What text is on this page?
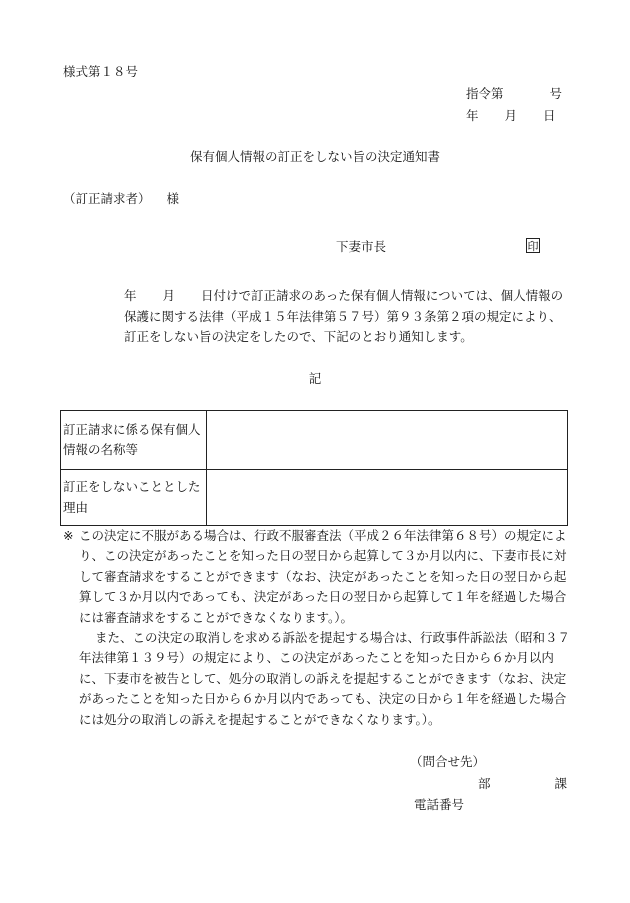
様式第１８号
指令第	号
年 月 日
保有個人情報の訂正をしない旨の決定通知書
（訂正請求者） 様
下妻市長	印

年 月 日付けで訂正請求のあった保有個人情報については、個人情報の保護に関する法律（平成１５年法律第５７号）第９３条第２項の規定により、訂正をしない旨の決定をしたので、下記のとおり通知します。

記
訂正請求に係る保有個人情報の名称等	
訂正をしないこととした理由	

※ この決定に不服がある場合は、行政不服審査法（平成２６年法律第６８号）の規定により、この決定があったことを知った日の翌日から起算して３か月以内に、下妻市長に対して審査請求をすることができます（なお、決定があったことを知った日の翌日から起算して３か月以内であっても、決定があった日の翌日から起算して１年を経過した場合には審査請求をすることができなくなります。）。

また、この決定の取消しを求める訴訟を提起する場合は、行政事件訴訟法（昭和３７年法律第１３９号）の規定により、この決定があったことを知った日から６か月以内に、下妻市を被告として、処分の取消しの訴えを提起することができます（なお、決定があったことを知った日から６か月以内であっても、決定の日から１年を経過した場合には処分の取消しの訴えを提起することができなくなります。）。

（問合せ先）
部	課
電話番号
